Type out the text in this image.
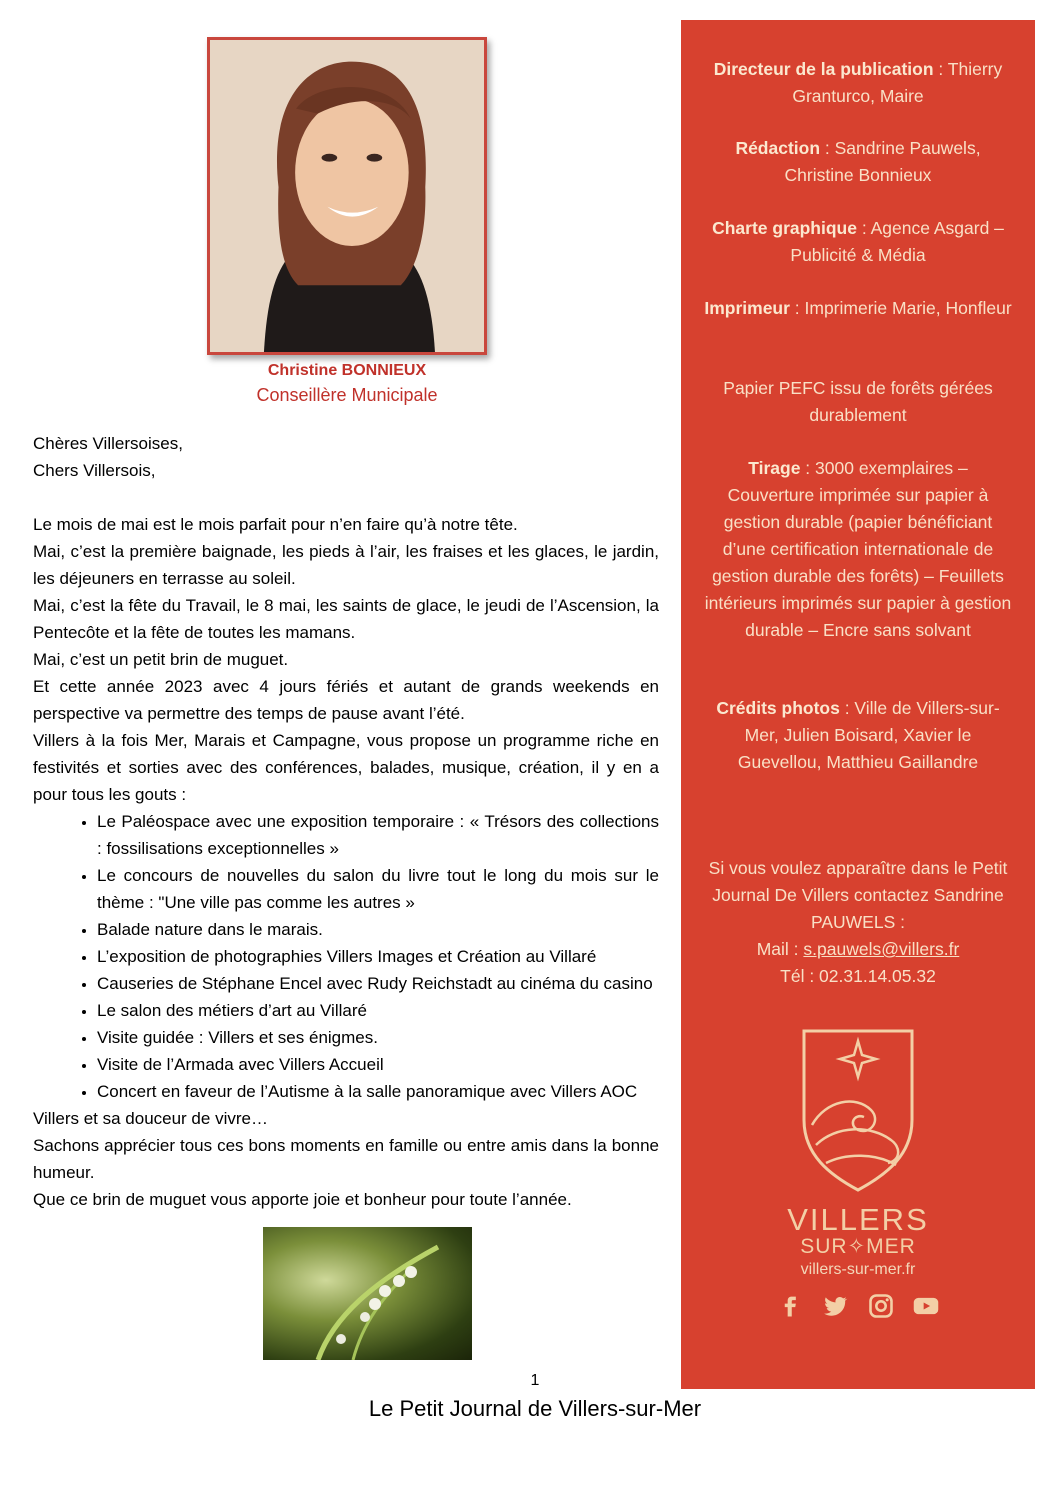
Christine BONNIEUX
Conseillère Municipale

Chères Villersoises,

Chers Villersois,

Le mois de mai est le mois parfait pour n’en faire qu’à notre tête.

Mai, c’est la première baignade, les pieds à l’air, les fraises et les glaces, le jardin, les déjeuners en terrasse au soleil.

Mai, c’est la fête du Travail, le 8 mai, les saints de glace, le jeudi de l’Ascension, la Pentecôte et la fête de toutes les mamans.

Mai, c’est un petit brin de muguet.

Et cette année 2023 avec 4 jours fériés et autant de grands weekends en perspective va permettre des temps de pause avant l’été.

Villers à la fois Mer, Marais et Campagne, vous propose un programme riche en festivités et sorties avec des conférences, balades, musique, création, il y en a pour tous les gouts :

• Le Paléospace avec une exposition temporaire : « Trésors des collections : fossilisations exceptionnelles »
• Le concours de nouvelles du salon du livre tout le long du mois sur le thème : "Une ville pas comme les autres »
• Balade nature dans le marais.
• L’exposition de photographies Villers Images et Création au Villaré
• Causeries de Stéphane Encel avec Rudy Reichstadt au cinéma du casino
• Le salon des métiers d’art au Villaré
• Visite guidée : Villers et ses énigmes.
• Visite de l’Armada avec Villers Accueil
• Concert en faveur de l’Autisme à la salle panoramique avec Villers AOC

Villers et sa douceur de vivre…

Sachons apprécier tous ces bons moments en famille ou entre amis dans la bonne humeur.

Que ce brin de muguet vous apporte joie et bonheur pour toute l’année.

1
Le Petit Journal de Villers-sur-Mer
Directeur de la publication : Thierry Granturco, Maire
Rédaction : Sandrine Pauwels, Christine Bonnieux
Charte graphique : Agence Asgard – Publicité & Média
Imprimeur : Imprimerie Marie, Honfleur
Papier PEFC issu de forêts gérées durablement
Tirage : 3000 exemplaires – Couverture imprimée sur papier à gestion durable (papier bénéficiant d’une certification internationale de gestion durable des forêts) – Feuillets intérieurs imprimés sur papier à gestion durable – Encre sans solvant
Crédits photos : Ville de Villers-sur-Mer, Julien Boisard, Xavier le Guevellou, Matthieu Gaillandre
Si vous voulez apparaître dans le Petit Journal De Villers contactez Sandrine PAUWELS :
Mail : s.pauwels@villers.fr
Tél : 02.31.14.05.32
VILLERS
SUR✧MER
villers-sur-mer.fr
